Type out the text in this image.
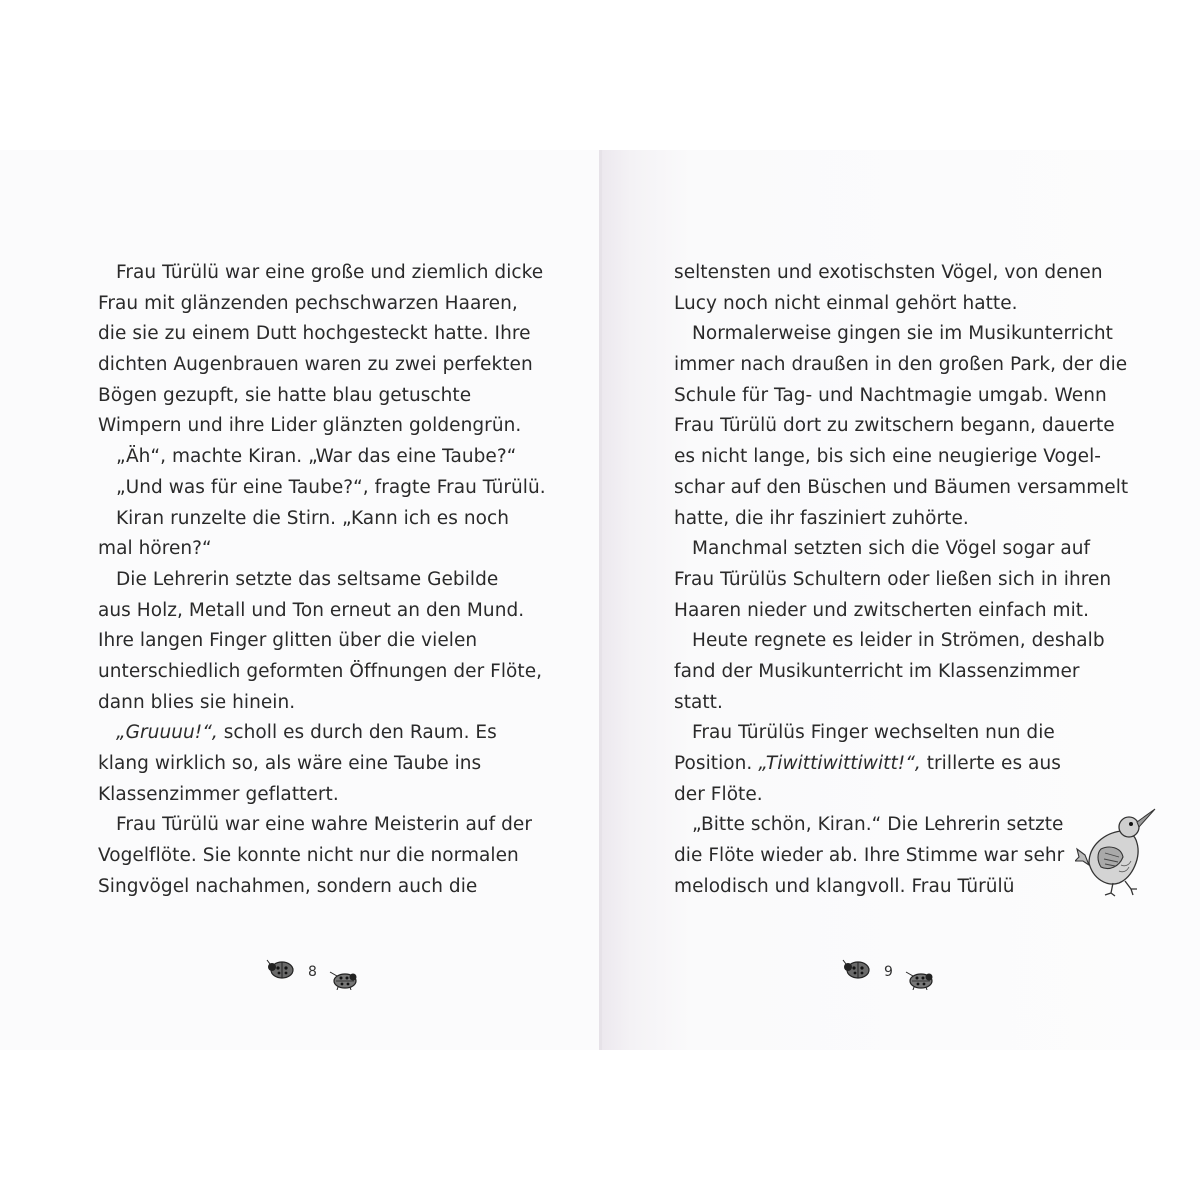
Frau Türülü war eine große und ziemlich dicke
Frau mit glänzenden pechschwarzen Haaren,
die sie zu einem Dutt hochgesteckt hatte. Ihre
dichten Augenbrauen waren zu zwei perfekten
Bögen gezupft, sie hatte blau getuschte
Wimpern und ihre Lider glänzten goldengrün.
„Äh“, machte Kiran. „War das eine Taube?“
„Und was für eine Taube?“, fragte Frau Türülü.
Kiran runzelte die Stirn. „Kann ich es noch
mal hören?“
Die Lehrerin setzte das seltsame Gebilde
aus Holz, Metall und Ton erneut an den Mund.
Ihre langen Finger glitten über die vielen
unterschiedlich geformten Öffnungen der Flöte,
dann blies sie hinein.
„Gruuuu!“, scholl es durch den Raum. Es
klang wirklich so, als wäre eine Taube ins
Klassenzimmer geflattert.
Frau Türülü war eine wahre Meisterin auf der
Vogelflöte. Sie konnte nicht nur die normalen
Singvögel nachahmen, sondern auch die
8
seltensten und exotischsten Vögel, von denen
Lucy noch nicht einmal gehört hatte.
Normalerweise gingen sie im Musikunterricht
immer nach draußen in den großen Park, der die
Schule für Tag- und Nachtmagie umgab. Wenn
Frau Türülü dort zu zwitschern begann, dauerte
es nicht lange, bis sich eine neugierige Vogel-
schar auf den Büschen und Bäumen versammelt
hatte, die ihr fasziniert zuhörte.
Manchmal setzten sich die Vögel sogar auf
Frau Türülüs Schultern oder ließen sich in ihren
Haaren nieder und zwitscherten einfach mit.
Heute regnete es leider in Strömen, deshalb
fand der Musikunterricht im Klassenzimmer
statt.
Frau Türülüs Finger wechselten nun die
Position. „Tiwittiwittiwitt!“, trillerte es aus
der Flöte.
„Bitte schön, Kiran.“ Die Lehrerin setzte
die Flöte wieder ab. Ihre Stimme war sehr
melodisch und klangvoll. Frau Türülü
9
